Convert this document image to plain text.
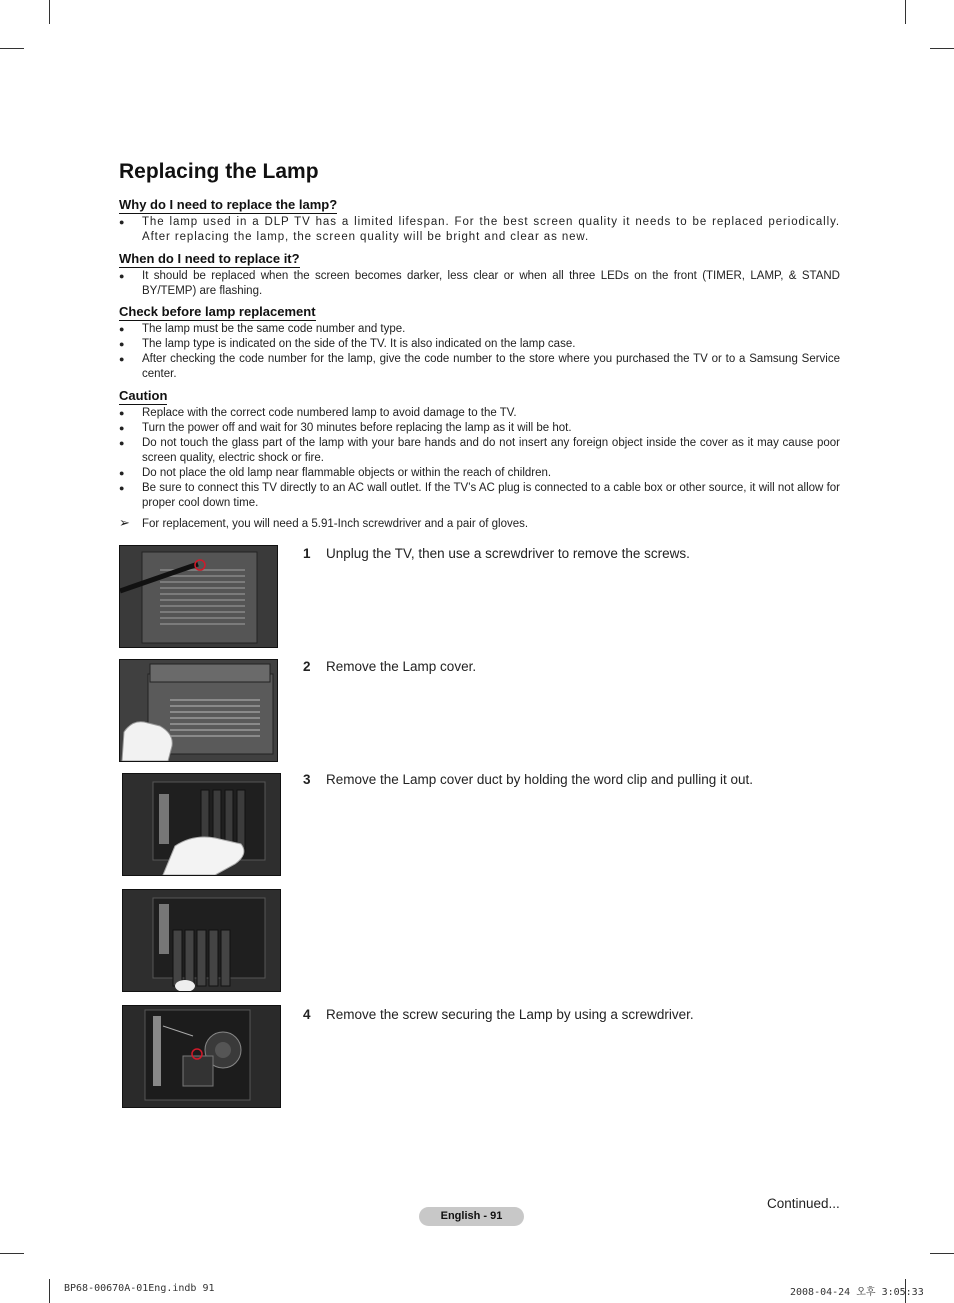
Replacing the Lamp
Why do I need to replace the lamp?
● The lamp used in a DLP TV has a limited lifespan. For the best screen quality it needs to be replaced periodically. After replacing the lamp, the screen quality will be bright and clear as new.
When do I need to replace it?
● It should be replaced when the screen becomes darker, less clear or when all three LEDs on the front (TIMER, LAMP, & STAND BY/TEMP) are flashing.
Check before lamp replacement
● The lamp must be the same code number and type.
● The lamp type is indicated on the side of the TV. It is also indicated on the lamp case.
● After checking the code number for the lamp, give the code number to the store where you purchased the TV or to a Samsung Service center.
Caution
● Replace with the correct code numbered lamp to avoid damage to the TV.
● Turn the power off and wait for 30 minutes before replacing the lamp as it will be hot.
● Do not touch the glass part of the lamp with your bare hands and do not insert any foreign object inside the cover as it may cause poor screen quality, electric shock or fire.
● Do not place the old lamp near flammable objects or within the reach of children.
● Be sure to connect this TV directly to an AC wall outlet. If the TV’s AC plug is connected to a cable box or other source, it will not allow for proper cool down time.
➢ For replacement, you will need a 5.91-Inch screwdriver and a pair of gloves.
1 Unplug the TV, then use a screwdriver to remove the screws.
2 Remove the Lamp cover.
3 Remove the Lamp cover duct by holding the word clip and pulling it out.
4 Remove the screw securing the Lamp by using a screwdriver.
Continued...
English - 91
BP68-00670A-01Eng.indb 91	2008-04-24 오후 3:05:33
